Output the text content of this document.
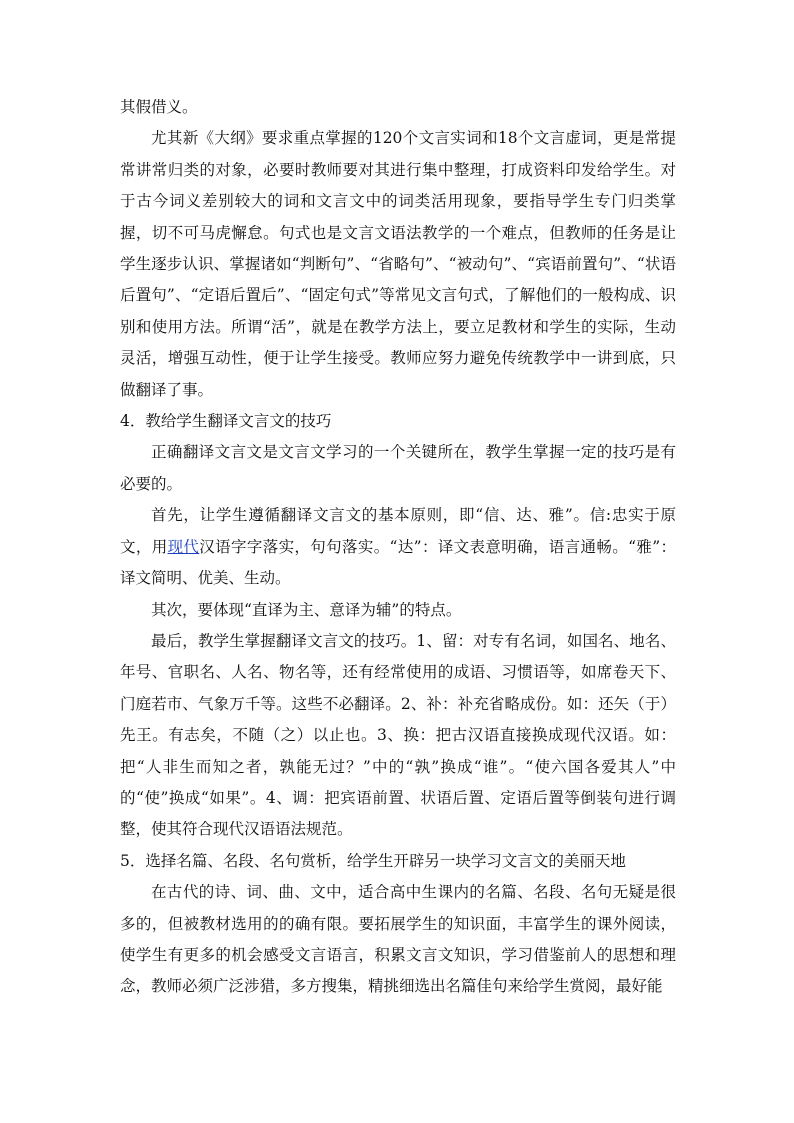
其假借义。

尤其新《大纲》要求重点掌握的120个文言实词和18个文言虚词，更是常提常讲常归类的对象，必要时教师要对其进行集中整理，打成资料印发给学生。对于古今词义差别较大的词和文言文中的词类活用现象，要指导学生专门归类掌握，切不可马虎懈怠。句式也是文言文语法教学的一个难点，但教师的任务是让学生逐步认识、掌握诸如“判断句”、“省略句”、“被动句”、“宾语前置句”、“状语后置句”、“定语后置后”、“固定句式”等常见文言句式，了解他们的一般构成、识别和使用方法。所谓“活”，就是在教学方法上，要立足教材和学生的实际，生动灵活，增强互动性，便于让学生接受。教师应努力避免传统教学中一讲到底，只做翻译了事。

4．教给学生翻译文言文的技巧

正确翻译文言文是文言文学习的一个关键所在，教学生掌握一定的技巧是有必要的。

首先，让学生遵循翻译文言文的基本原则，即“信、达、雅”。信:忠实于原文，用现代汉语字字落实，句句落实。“达”：译文表意明确，语言通畅。“雅”：译文简明、优美、生动。

其次，要体现“直译为主、意译为辅”的特点。

最后，教学生掌握翻译文言文的技巧。1、留：对专有名词，如国名、地名、年号、官职名、人名、物名等，还有经常使用的成语、习惯语等，如席卷天下、门庭若市、气象万千等。这些不必翻译。2、补：补充省略成份。如：还矢（于）先王。有志矣，不随（之）以止也。3、换：把古汉语直接换成现代汉语。如：把“人非生而知之者，孰能无过？”中的“孰”换成“谁”。“使六国各爱其人”中的“使”换成“如果”。4、调：把宾语前置、状语后置、定语后置等倒装句进行调整，使其符合现代汉语语法规范。

5．选择名篇、名段、名句赏析，给学生开辟另一块学习文言文的美丽天地

在古代的诗、词、曲、文中，适合高中生课内的名篇、名段、名句无疑是很多的，但被教材选用的的确有限。要拓展学生的知识面，丰富学生的课外阅读，使学生有更多的机会感受文言语言，积累文言文知识，学习借鉴前人的思想和理念，教师必须广泛涉猎，多方搜集，精挑细选出名篇佳句来给学生赏阅，最好能
